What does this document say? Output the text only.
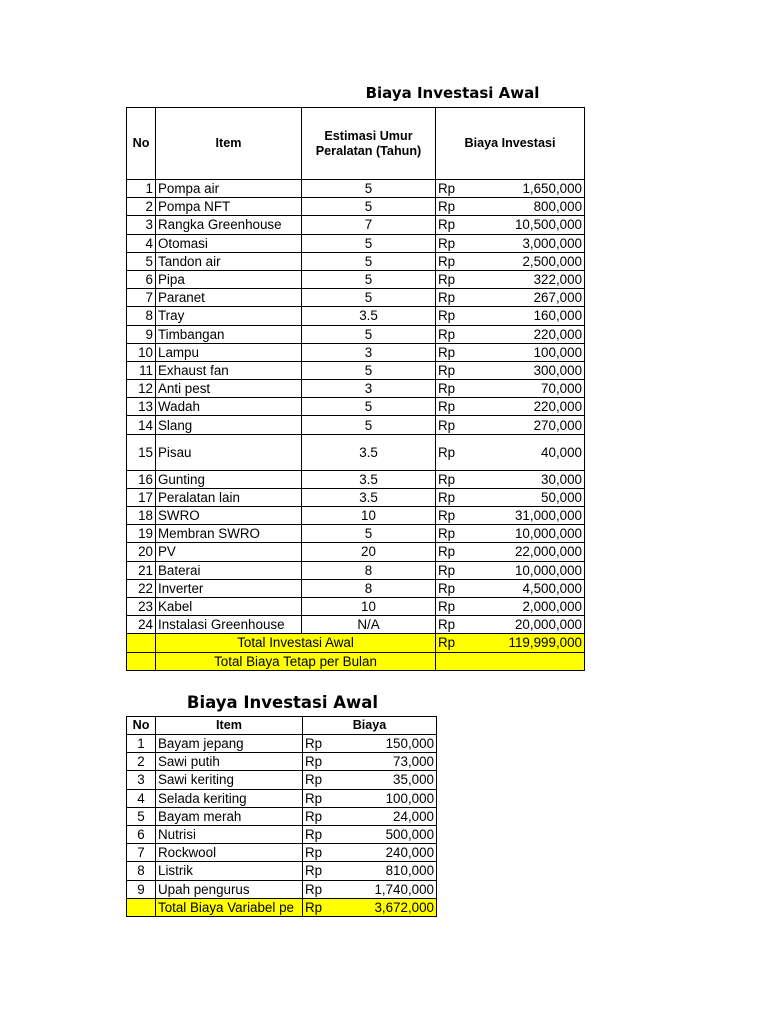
Biaya Investasi Awal
No	Item	Estimasi Umur Peralatan (Tahun)	Biaya Investasi	
1	Pompa air	5	Rp	1,650,000
2	Pompa NFT	5	Rp	800,000
3	Rangka Greenhouse	7	Rp	10,500,000
4	Otomasi	5	Rp	3,000,000
5	Tandon air	5	Rp	2,500,000
6	Pipa	5	Rp	322,000
7	Paranet	5	Rp	267,000
8	Tray	3.5	Rp	160,000
9	Timbangan	5	Rp	220,000
10	Lampu	3	Rp	100,000
11	Exhaust fan	5	Rp	300,000
12	Anti pest	3	Rp	70,000
13	Wadah	5	Rp	220,000
14	Slang	5	Rp	270,000
15	Pisau	3.5	Rp	40,000
16	Gunting	3.5	Rp	30,000
17	Peralatan lain	3.5	Rp	50,000
18	SWRO	10	Rp	31,000,000
19	Membran SWRO	5	Rp	10,000,000
20	PV	20	Rp	22,000,000
21	Baterai	8	Rp	10,000,000
22	Inverter	8	Rp	4,500,000
23	Kabel	10	Rp	2,000,000
24	Instalasi Greenhouse	N/A	Rp	20,000,000
	Total Investasi Awal		Rp	119,999,000
	Total Biaya Tetap per Bulan			
Biaya Investasi Awal
No	Item	Biaya	
1	Bayam jepang	Rp	150,000
2	Sawi putih	Rp	73,000
3	Sawi keriting	Rp	35,000
4	Selada keriting	Rp	100,000
5	Bayam merah	Rp	24,000
6	Nutrisi	Rp	500,000
7	Rockwool	Rp	240,000
8	Listrik	Rp	810,000
9	Upah pengurus	Rp	1,740,000
	Total Biaya Variabel pe	Rp	3,672,000
